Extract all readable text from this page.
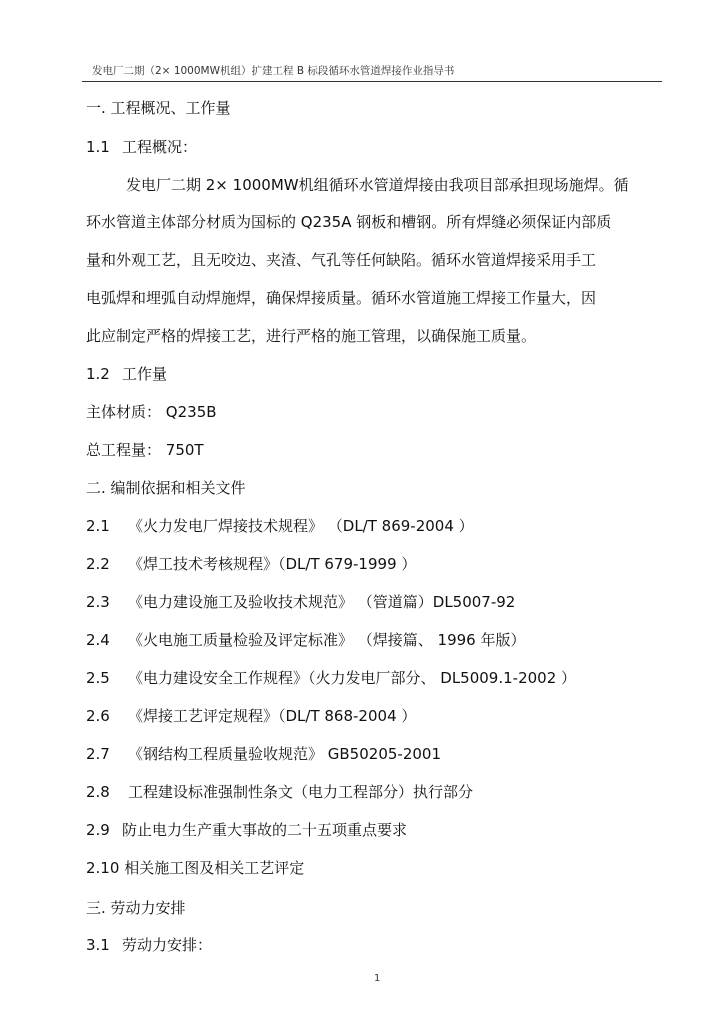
发电厂二期（2× 1000MW机组）扩建工程 B 标段循环水管道焊接作业指导书
一. 工程概况、工作量
1.1 工程概况：
发电厂二期 2× 1000MW机组循环水管道焊接由我项目部承担现场施焊。循
环水管道主体部分材质为国标的 Q235A 钢板和槽钢。所有焊缝必须保证内部质
量和外观工艺，且无咬边、夹渣、气孔等任何缺陷。循环水管道焊接采用手工
电弧焊和埋弧自动焊施焊，确保焊接质量。循环水管道施工焊接工作量大，因
此应制定严格的焊接工艺，进行严格的施工管理，以确保施工质量。
1.2 工作量
主体材质： Q235B
总工程量： 750T
二. 编制依据和相关文件
2.1 《火力发电厂焊接技术规程》 （DL/T 869-2004 ）
2.2 《焊工技术考核规程》（DL/T 679-1999 ）
2.3 《电力建设施工及验收技术规范》 （管道篇）DL5007-92
2.4 《火电施工质量检验及评定标准》 （焊接篇、 1996 年版）
2.5 《电力建设安全工作规程》（火力发电厂部分、 DL5009.1-2002 ）
2.6 《焊接工艺评定规程》（DL/T 868-2004 ）
2.7 《钢结构工程质量验收规范》 GB50205-2001
2.8 工程建设标准强制性条文（电力工程部分）执行部分
2.9 防止电力生产重大事故的二十五项重点要求
2.10 相关施工图及相关工艺评定
三. 劳动力安排
3.1 劳动力安排：
1
